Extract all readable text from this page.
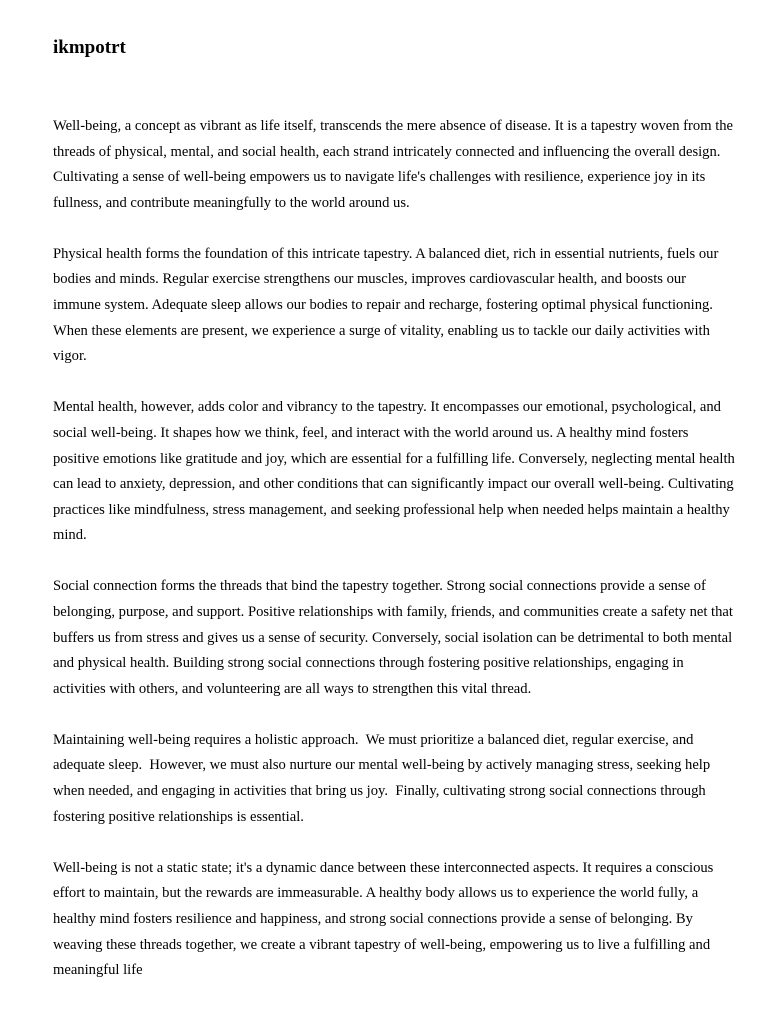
ikmpotrt

Well-being, a concept as vibrant as life itself, transcends the mere absence of disease. It is a tapestry woven from the threads of physical, mental, and social health, each strand intricately connected and influencing the overall design. Cultivating a sense of well-being empowers us to navigate life's challenges with resilience, experience joy in its fullness, and contribute meaningfully to the world around us.

Physical health forms the foundation of this intricate tapestry. A balanced diet, rich in essential nutrients, fuels our bodies and minds. Regular exercise strengthens our muscles, improves cardiovascular health, and boosts our immune system. Adequate sleep allows our bodies to repair and recharge, fostering optimal physical functioning. When these elements are present, we experience a surge of vitality, enabling us to tackle our daily activities with vigor.

Mental health, however, adds color and vibrancy to the tapestry. It encompasses our emotional, psychological, and social well-being. It shapes how we think, feel, and interact with the world around us. A healthy mind fosters positive emotions like gratitude and joy, which are essential for a fulfilling life. Conversely, neglecting mental health can lead to anxiety, depression, and other conditions that can significantly impact our overall well-being. Cultivating practices like mindfulness, stress management, and seeking professional help when needed helps maintain a healthy mind.

Social connection forms the threads that bind the tapestry together. Strong social connections provide a sense of belonging, purpose, and support. Positive relationships with family, friends, and communities create a safety net that buffers us from stress and gives us a sense of security. Conversely, social isolation can be detrimental to both mental and physical health. Building strong social connections through fostering positive relationships, engaging in activities with others, and volunteering are all ways to strengthen this vital thread.

Maintaining well-being requires a holistic approach.  We must prioritize a balanced diet, regular exercise, and adequate sleep.  However, we must also nurture our mental well-being by actively managing stress, seeking help when needed, and engaging in activities that bring us joy.  Finally, cultivating strong social connections through fostering positive relationships is essential.

Well-being is not a static state; it's a dynamic dance between these interconnected aspects. It requires a conscious effort to maintain, but the rewards are immeasurable. A healthy body allows us to experience the world fully, a healthy mind fosters resilience and happiness, and strong social connections provide a sense of belonging. By weaving these threads together, we create a vibrant tapestry of well-being, empowering us to live a fulfilling and meaningful life
